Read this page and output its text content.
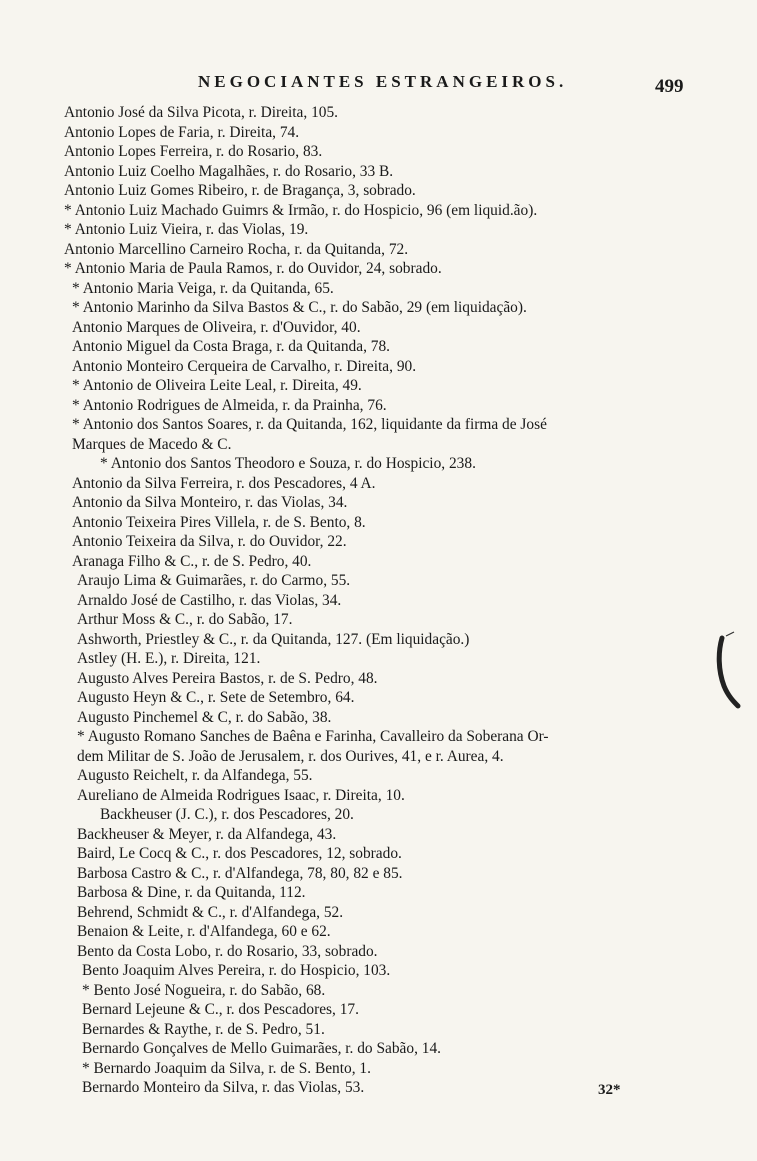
NEGOCIANTES ESTRANGEIROS.	499
Antonio José da Silva Picota, r. Direita, 105.
Antonio Lopes de Faria, r. Direita, 74.
Antonio Lopes Ferreira, r. do Rosario, 83.
Antonio Luiz Coelho Magalhães, r. do Rosario, 33 B.
Antonio Luiz Gomes Ribeiro, r. de Bragança, 3, sobrado.
* Antonio Luiz Machado Guimrs & Irmão, r. do Hospicio, 96 (em liquid.ão).
* Antonio Luiz Vieira, r. das Violas, 19.
Antonio Marcellino Carneiro Rocha, r. da Quitanda, 72.
* Antonio Maria de Paula Ramos, r. do Ouvidor, 24, sobrado.
* Antonio Maria Veiga, r. da Quitanda, 65.
* Antonio Marinho da Silva Bastos & C., r. do Sabão, 29 (em liquidação).
Antonio Marques de Oliveira, r. d'Ouvidor, 40.
Antonio Miguel da Costa Braga, r. da Quitanda, 78.
Antonio Monteiro Cerqueira de Carvalho, r. Direita, 90.
* Antonio de Oliveira Leite Leal, r. Direita, 49.
* Antonio Rodrigues de Almeida, r. da Prainha, 76.
* Antonio dos Santos Soares, r. da Quitanda, 162, liquidante da firma de José
Marques de Macedo & C.
* Antonio dos Santos Theodoro e Souza, r. do Hospicio, 238.
Antonio da Silva Ferreira, r. dos Pescadores, 4 A.
Antonio da Silva Monteiro, r. das Violas, 34.
Antonio Teixeira Pires Villela, r. de S. Bento, 8.
Antonio Teixeira da Silva, r. do Ouvidor, 22.
Aranaga Filho & C., r. de S. Pedro, 40.
Araujo Lima & Guimarães, r. do Carmo, 55.
Arnaldo José de Castilho, r. das Violas, 34.
Arthur Moss & C., r. do Sabão, 17.
Ashworth, Priestley & C., r. da Quitanda, 127. (Em liquidação.)
Astley (H. E.), r. Direita, 121.
Augusto Alves Pereira Bastos, r. de S. Pedro, 48.
Augusto Heyn & C., r. Sete de Setembro, 64.
Augusto Pinchemel & C, r. do Sabão, 38.
* Augusto Romano Sanches de Baêna e Farinha, Cavalleiro da Soberana Or-
dem Militar de S. João de Jerusalem, r. dos Ourives, 41, e r. Aurea, 4.
Augusto Reichelt, r. da Alfandega, 55.
Aureliano de Almeida Rodrigues Isaac, r. Direita, 10.
Backheuser (J. C.), r. dos Pescadores, 20.
Backheuser & Meyer, r. da Alfandega, 43.
Baird, Le Cocq & C., r. dos Pescadores, 12, sobrado.
Barbosa Castro & C., r. d'Alfandega, 78, 80, 82 e 85.
Barbosa & Dine, r. da Quitanda, 112.
Behrend, Schmidt & C., r. d'Alfandega, 52.
Benaion & Leite, r. d'Alfandega, 60 e 62.
Bento da Costa Lobo, r. do Rosario, 33, sobrado.
Bento Joaquim Alves Pereira, r. do Hospicio, 103.
* Bento José Nogueira, r. do Sabão, 68.
Bernard Lejeune & C., r. dos Pescadores, 17.
Bernardes & Raythe, r. de S. Pedro, 51.
Bernardo Gonçalves de Mello Guimarães, r. do Sabão, 14.
* Bernardo Joaquim da Silva, r. de S. Bento, 1.
Bernardo Monteiro da Silva, r. das Violas, 53.	32*
